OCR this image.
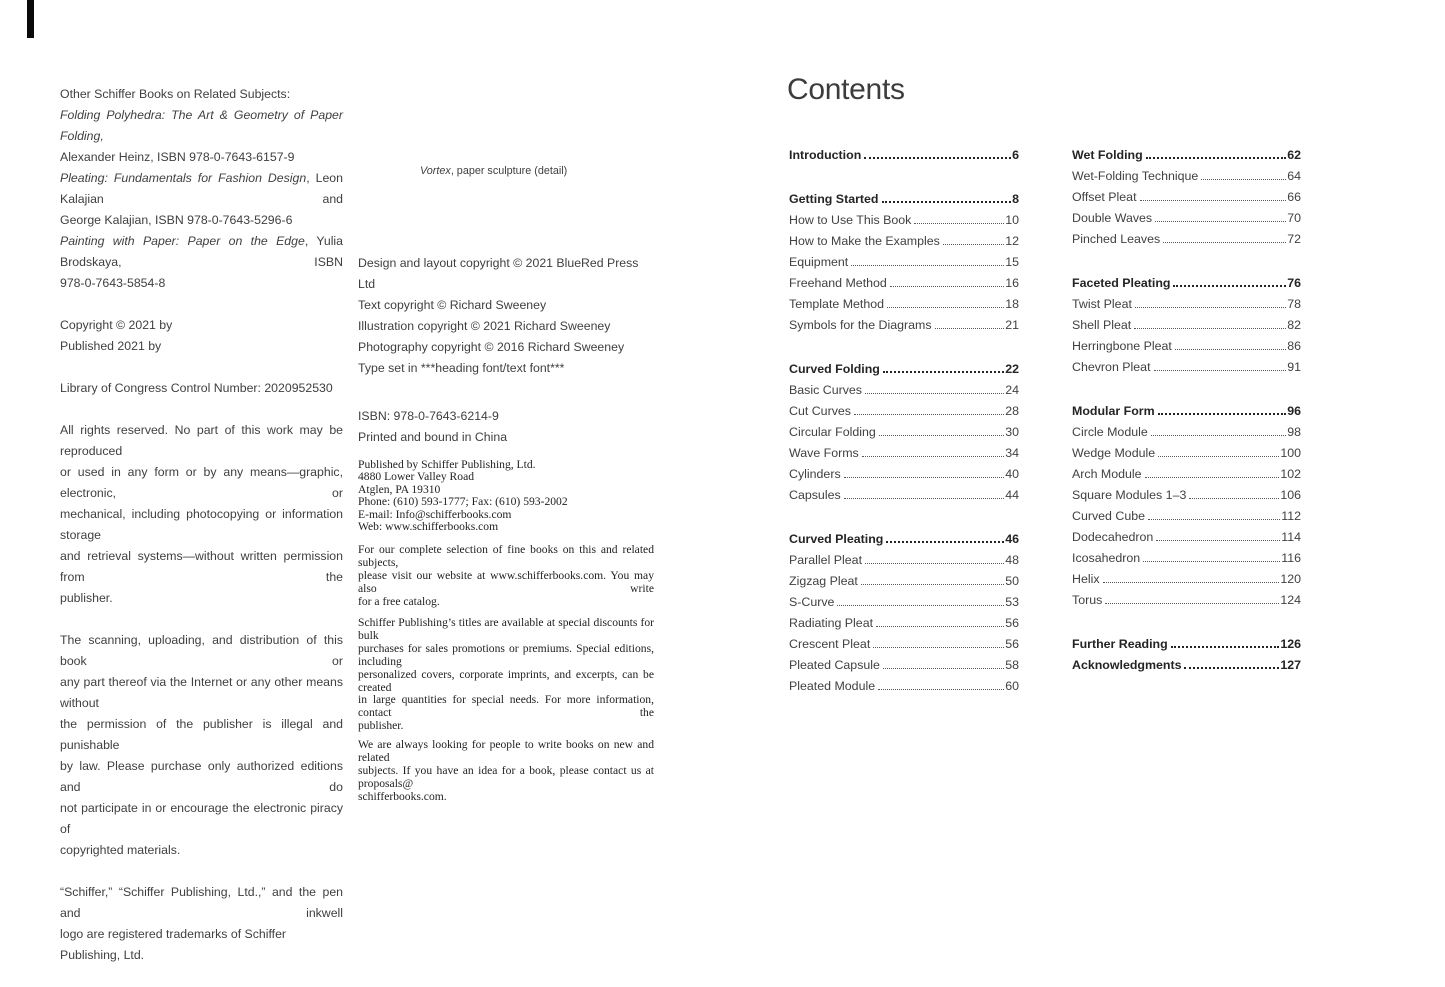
Other Schiffer Books on Related Subjects:
Folding Polyhedra: The Art & Geometry of Paper Folding,
Alexander Heinz, ISBN 978-0-7643-6157-9
Pleating: Fundamentals for Fashion Design, Leon Kalajian and
George Kalajian, ISBN 978-0-7643-5296-6
Painting with Paper: Paper on the Edge, Yulia Brodskaya, ISBN
978-0-7643-5854-8
Copyright © 2021 by
Published 2021 by
Library of Congress Control Number: 2020952530
All rights reserved. No part of this work may be reproduced
or used in any form or by any means—graphic, electronic, or
mechanical, including photocopying or information storage
and retrieval systems—without written permission from the
publisher.
The scanning, uploading, and distribution of this book or
any part thereof via the Internet or any other means without
the permission of the publisher is illegal and punishable
by law. Please purchase only authorized editions and do
not participate in or encourage the electronic piracy of
copyrighted materials.
“Schiffer,” “Schiffer Publishing, Ltd.,” and the pen and inkwell
logo are registered trademarks of Schiffer Publishing, Ltd.
Vortex, paper sculpture (detail)
Design and layout copyright © 2021 BlueRed Press Ltd
Text copyright © Richard Sweeney
Illustration copyright © 2021 Richard Sweeney
Photography copyright © 2016 Richard Sweeney
Type set in ***heading font/text font***
ISBN: 978-0-7643-6214-9
Printed and bound in China
Published by Schiffer Publishing, Ltd.
4880 Lower Valley Road
Atglen, PA 19310
Phone: (610) 593-1777; Fax: (610) 593-2002
E-mail: Info@schifferbooks.com
Web: www.schifferbooks.com
For our complete selection of fine books on this and related subjects,
please visit our website at www.schifferbooks.com. You may also write
for a free catalog.
Schiffer Publishing’s titles are available at special discounts for bulk
purchases for sales promotions or premiums. Special editions, including
personalized covers, corporate imprints, and excerpts, can be created
in large quantities for special needs. For more information, contact the
publisher.
We are always looking for people to write books on new and related
subjects. If you have an idea for a book, please contact us at proposals@
schifferbooks.com.
Contents
Introduction	6
Getting Started	8
How to Use This Book	10
How to Make the Examples	12
Equipment	15
Freehand Method	16
Template Method	18
Symbols for the Diagrams	21
Curved Folding	22
Basic Curves	24
Cut Curves	28
Circular Folding	30
Wave Forms	34
Cylinders	40
Capsules	44
Curved Pleating	46
Parallel Pleat	48
Zigzag Pleat	50
S-Curve	53
Radiating Pleat	56
Crescent Pleat	56
Pleated Capsule	58
Pleated Module	60
Wet Folding	62
Wet-Folding Technique	64
Offset Pleat	66
Double Waves	70
Pinched Leaves	72
Faceted Pleating	76
Twist Pleat	78
Shell Pleat	82
Herringbone Pleat	86
Chevron Pleat	91
Modular Form	96
Circle Module	98
Wedge Module	100
Arch Module	102
Square Modules 1–3	106
Curved Cube	112
Dodecahedron	114
Icosahedron	116
Helix	120
Torus	124
Further Reading	126
Acknowledgments	127
